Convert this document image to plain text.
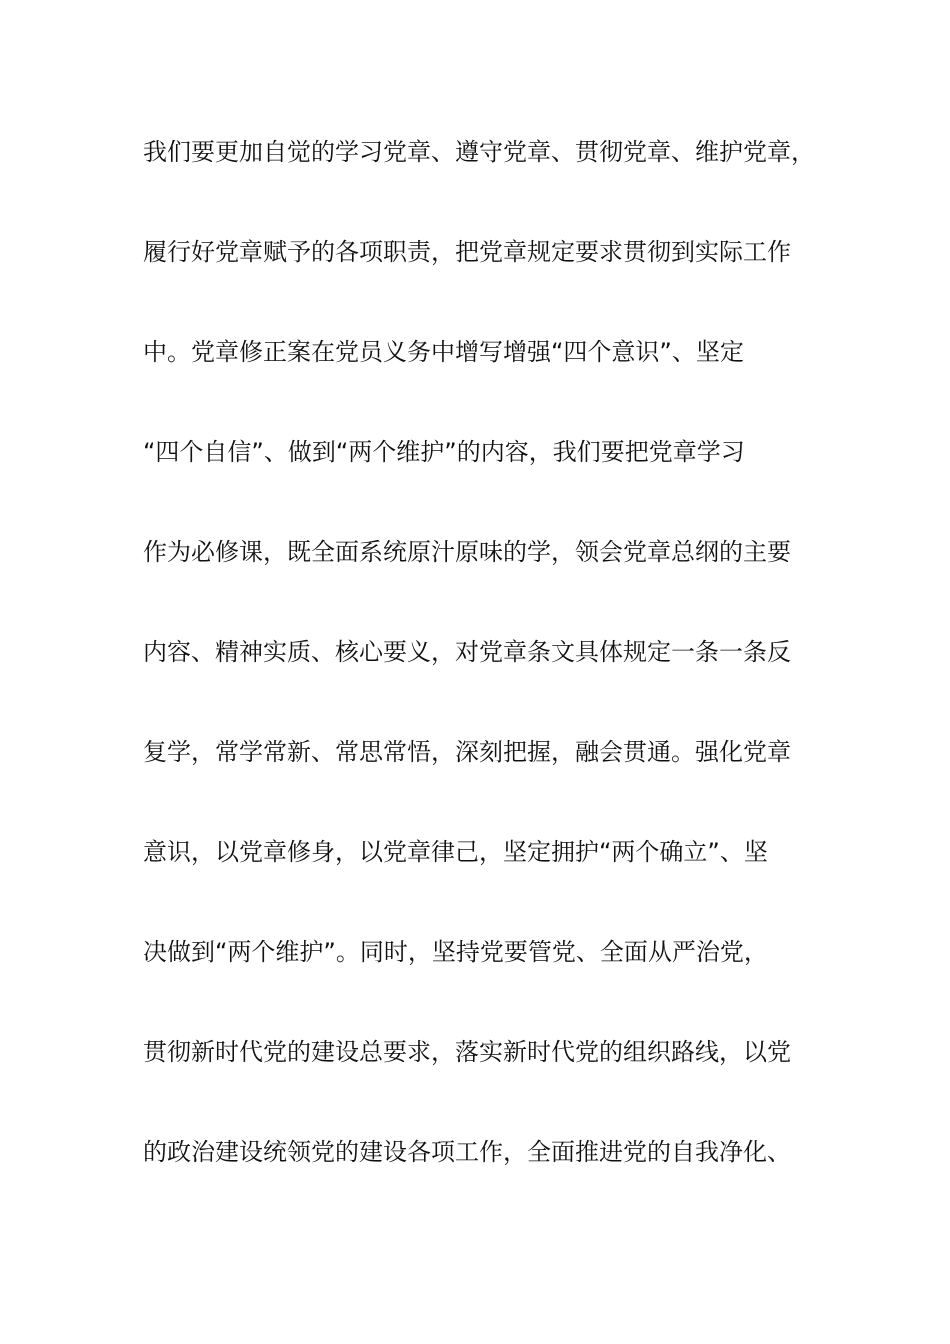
我们要更加自觉的学习党章、遵守党章、贯彻党章、维护党章，
履行好党章赋予的各项职责，把党章规定要求贯彻到实际工作
中。党章修正案在党员义务中增写增强“四个意识”、坚定
“四个自信”、做到“两个维护”的内容，我们要把党章学习
作为必修课，既全面系统原汁原味的学，领会党章总纲的主要
内容、精神实质、核心要义，对党章条文具体规定一条一条反
复学，常学常新、常思常悟，深刻把握，融会贯通。强化党章
意识，以党章修身，以党章律己，坚定拥护“两个确立”、坚
决做到“两个维护”。同时，坚持党要管党、全面从严治党，
贯彻新时代党的建设总要求，落实新时代党的组织路线，以党
的政治建设统领党的建设各项工作，全面推进党的自我净化、
